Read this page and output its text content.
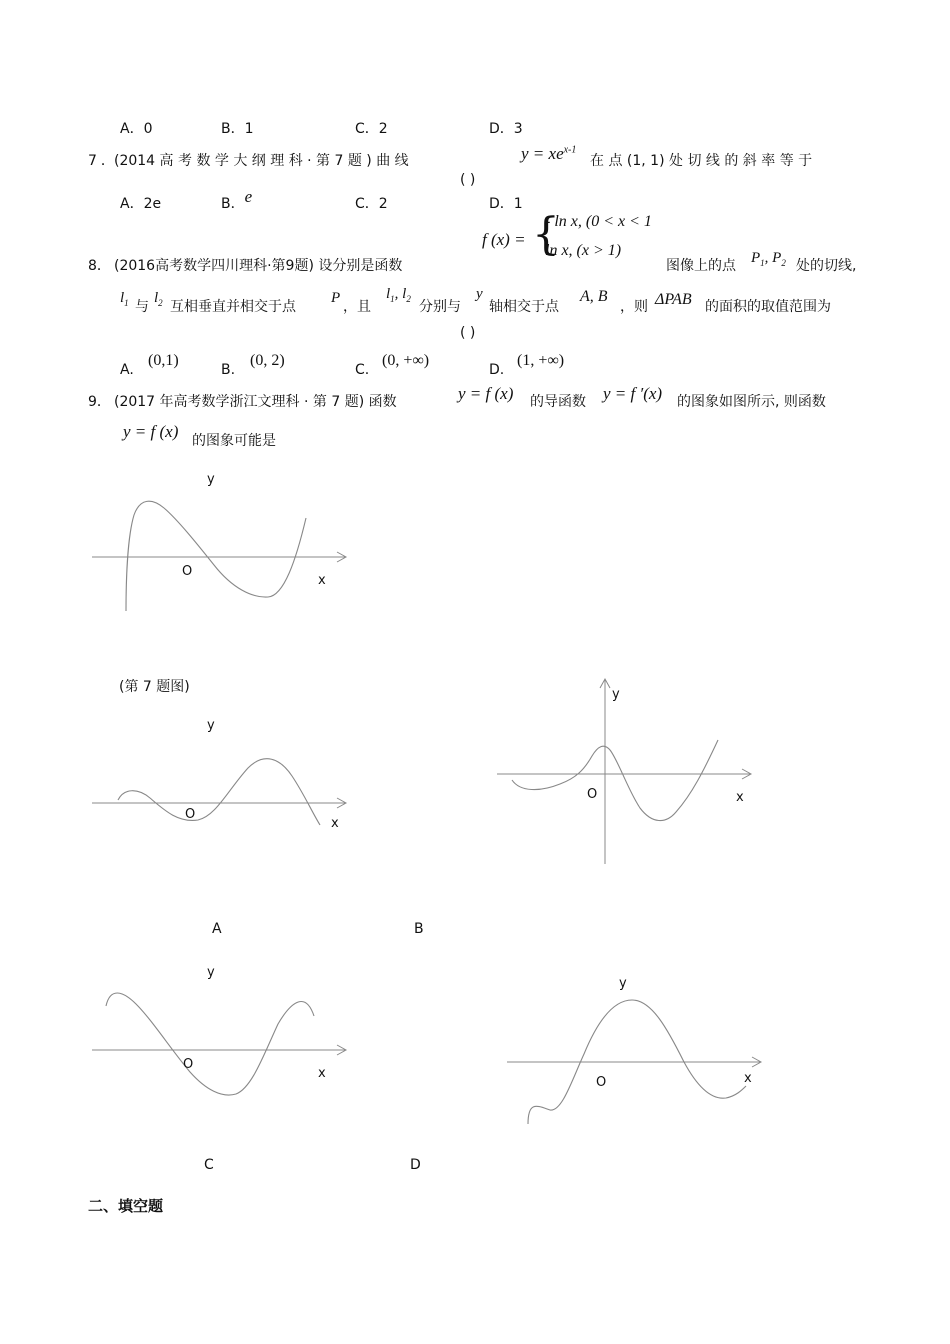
A．0	B．1	C．2	D．3
7．
(2014 高 考 数 学 大 纲 理 科 · 第 7 题 ) 曲 线	$y = xe^{x-1}$
在 点 (1, 1) 处 切 线 的 斜 率 等 于
( )
A．2e	B．e	C．2	D．1
8． (2016高考数学四川理科·第9题) 设分别是函数
f (x) = {
- ln x, (0 < x < 1
ln x, (x > 1)
图像上的点 $P_1$, $P_2$ 处的切线,
$l_1$ 与
$l_2$ 互相垂直并相交于点
P
，且
$l_1$, $l_2$ 分别与
y
轴相交于点
A, B
，则 ΔPAB 的面积的取值范围为
( )
A.
(0,1)
B.
(0, 2)
C.
(0, +∞)
D.
(1, +∞)
9． (2017 年高考数学浙江文理科 · 第 7 题) 函数	y = f (x) 的导函数 y = f ′(x) 的图象如图所示, 则函数
y = f (x) 的图象可能是
y
O
x
y
O
x
y
O	x
y
O
x
y
O	x
(第 7 题图)
A	B
C	D
二、填空题
